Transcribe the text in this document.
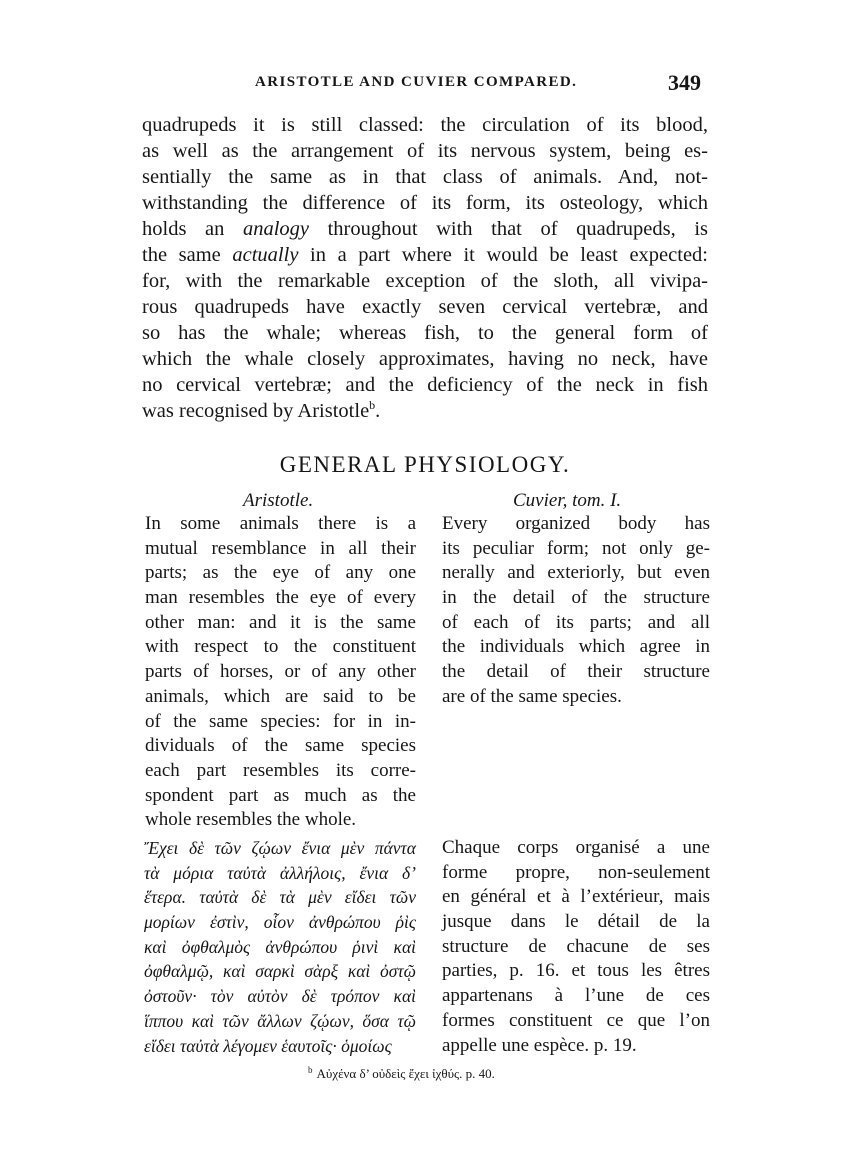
ARISTOTLE AND CUVIER COMPARED.	349
quadrupeds it is still classed: the circulation of its blood,
as well as the arrangement of its nervous system, being es-
sentially the same as in that class of animals. And, not-
withstanding the difference of its form, its osteology, which
holds an analogy throughout with that of quadrupeds, is
the same actually in a part where it would be least expected:
for, with the remarkable exception of the sloth, all vivipa-
rous quadrupeds have exactly seven cervical vertebræ, and
so has the whale; whereas fish, to the general form of
which the whale closely approximates, having no neck, have
no cervical vertebræ; and the deficiency of the neck in fish
was recognised by Aristotle$^b$.
GENERAL PHYSIOLOGY.
Aristotle.	Cuvier, tom. I.
In some animals there is a
mutual resemblance in all their
parts; as the eye of any one
man resembles the eye of every
other man: and it is the same
with respect to the constituent
parts of horses, or of any other
animals, which are said to be
of the same species: for in in-
dividuals of the same species
each part resembles its corre-
spondent part as much as the
whole resembles the whole.
Every organized body has
its peculiar form; not only ge-
nerally and exteriorly, but even
in the detail of the structure
of each of its parts; and all
the individuals which agree in
the detail of their structure
are of the same species.
Ἔχει δὲ τῶν ζῴων ἔνια μὲν πάντα
τὰ μόρια ταὐτὰ ἀλλήλοις, ἔνια δ’
ἕτερα. ταὐτὰ δὲ τὰ μὲν εἴδει τῶν
μορίων ἐστὶν, οἷον ἀνθρώπου ῥὶς
καὶ ὀφθαλμὸς ἀνθρώπου ῥινὶ καὶ
ὀφθαλμῷ, καὶ σαρκὶ σὰρξ καὶ ὀστῷ
ὀστοῦν· τὸν αὐτὸν δὲ τρόπον καὶ
ἵππου καὶ τῶν ἄλλων ζῴων, ὅσα τῷ
εἴδει ταὐτὰ λέγομεν ἑαυτοῖς· ὁμοίως
Chaque corps organisé a une
forme propre, non-seulement
en général et à l’extérieur, mais
jusque dans le détail de la
structure de chacune de ses
parties, p. 16. et tous les êtres
appartenans à l’une de ces
formes constituent ce que l’on
appelle une espèce. p. 19.
$^b$ Αὐχένα δ’ οὐδεὶς ἔχει ἰχθύς. p. 40.
